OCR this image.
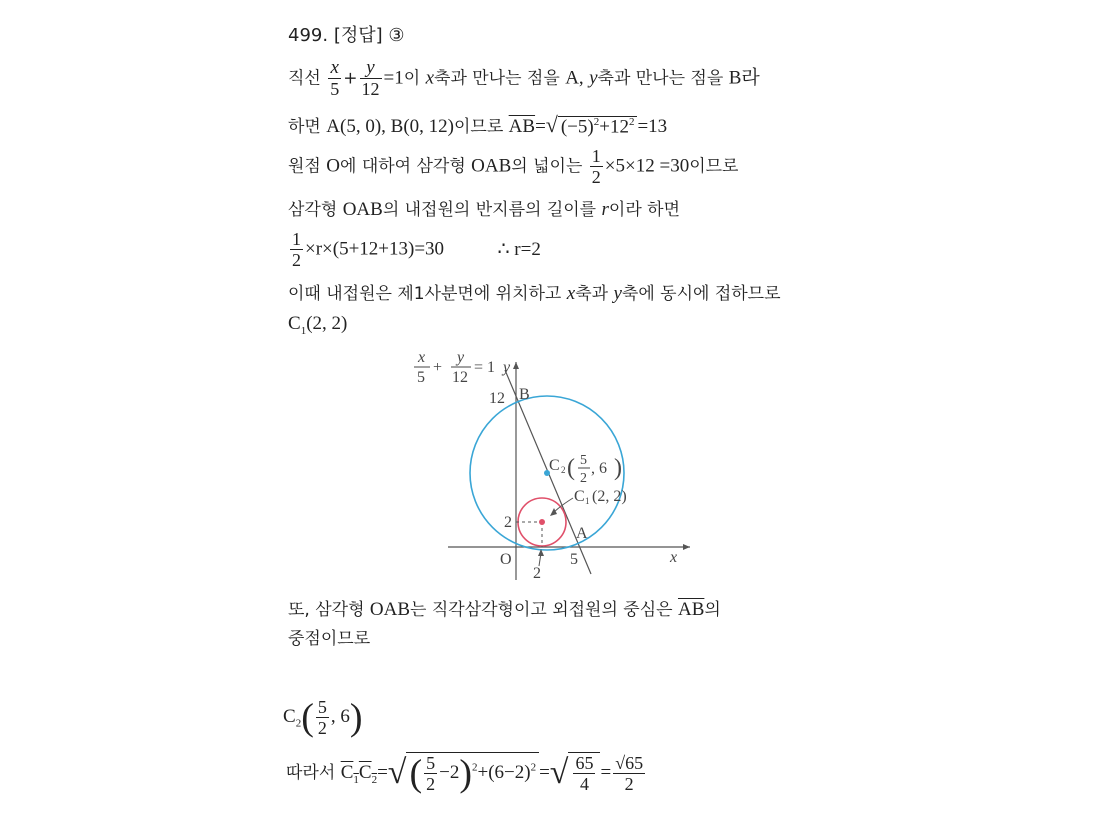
499. [정답] ③
직선 $\frac{x}{5} + \frac{y}{12} =1$이 x축과 만나는 점을 A, y축과 만나는 점을 B라
하면 A(5, 0), B(0, 12)이므로 $\overline{AB}=√$ $(-5)^2+12^2 =13$
원점 O에 대하여 삼각형 OAB의 넓이는 $\frac{1}{2} \times 5\times 12 =30$이므로
삼각형 OAB의 내접원의 반지름의 길이를 r이라 하면
$\frac{1}{2} \times r\times(5+12+13)=30$	∴ r=2
이때 내접원은 제1사분면에 위치하고 x축과 y축에 동시에 접하므로
$C_1(2$, 2)
x
5
+
y
12
= 1 y
B
12
C 2 ( 5
2
, 6 )
C 1 (2, 2)
2
A
O	5
2
x
또, 삼각형 OAB는 직각삼각형이고 외접원의 중심은 $\overline{AB}$의
중점이므로
$C_2( \frac{5}{2}$ , 6)
따라서 $C_1C_2=√( \frac{5}{2} -2)^2+(6-2)^2$ =√ $\frac{65}{4} = \frac{√65}{2}$
